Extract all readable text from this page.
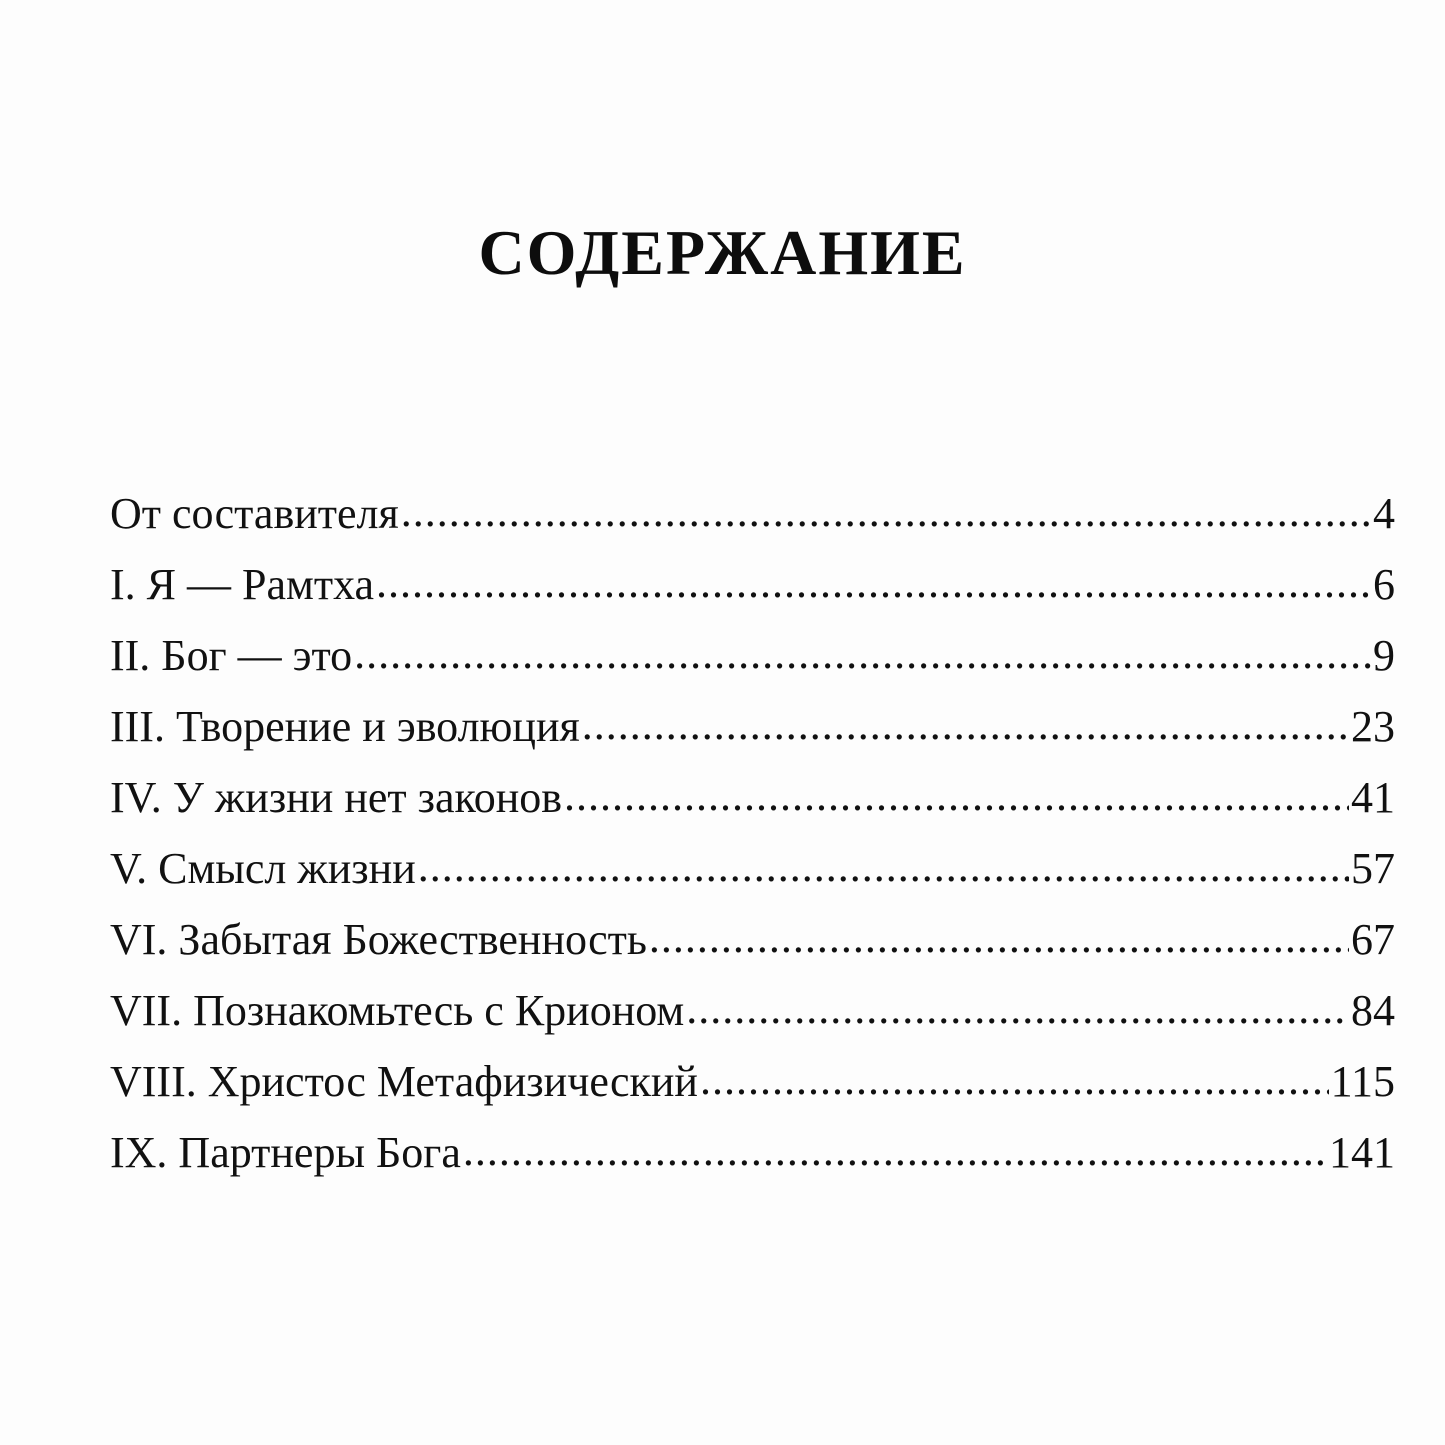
СОДЕРЖАНИЕ
От составителя .....	4
I. Я — Рамтха .....	6
II. Бог — это .....	9
III. Творение и эволюция .....	23
IV. У жизни нет законов .....	41
V. Смысл жизни .....	57
VI. Забытая Божественность .....	67
VII. Познакомьтесь с Крионом .....	84
VIII. Христос Метафизический .....	115
IX. Партнеры Бога .....	141
